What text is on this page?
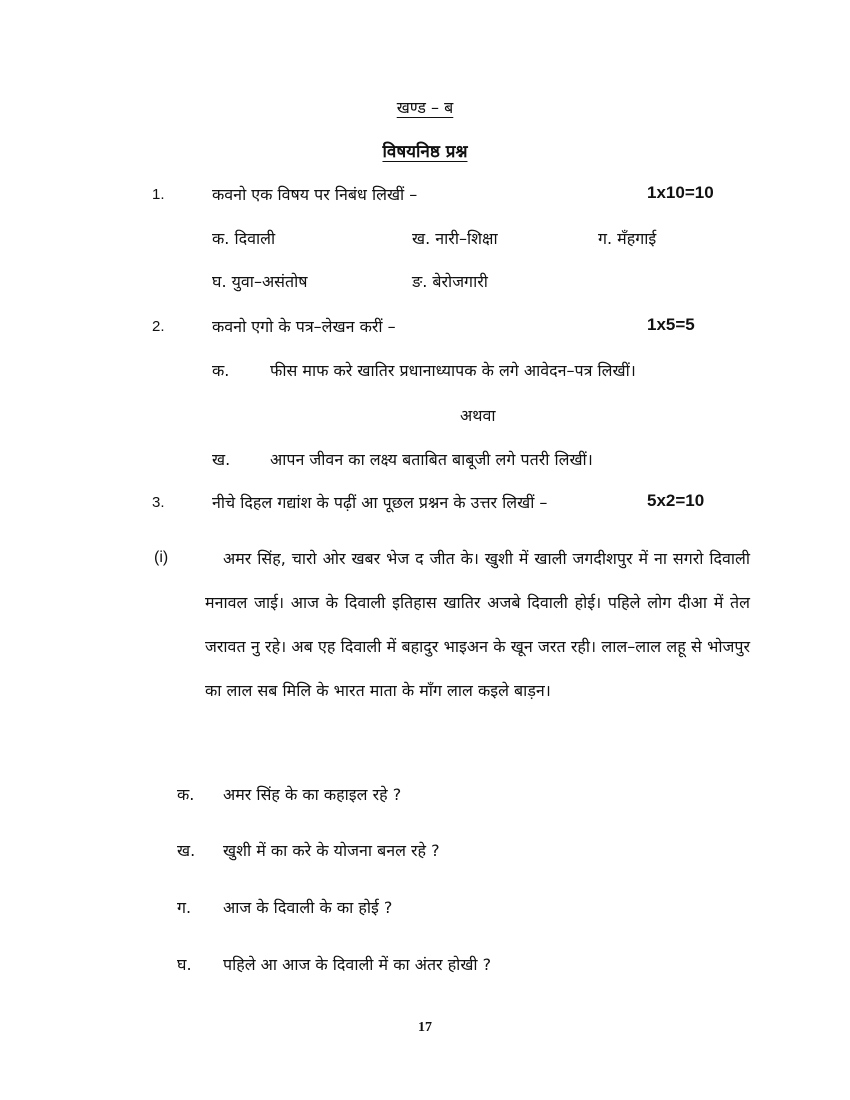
खण्ड – ब
विषयनिष्ठ प्रश्न
1.	कवनो एक विषय पर निबंध लिखीं –	1x10=10
क. दिवाली	ख. नारी–शिक्षा	ग. मँहगाई
घ. युवा–असंतोष	ङ. बेरोजगारी
2.	कवनो एगो के पत्र–लेखन करीं –	1x5=5
क.	फीस माफ करे खातिर प्रधानाध्यापक के लगे आवेदन–पत्र लिखीं।
अथवा
ख. आपन जीवन का लक्ष्य बताबित बाबूजी लगे पतरी लिखीं।
3.	नीचे दिहल गद्यांश के पढ़ीं आ पूछल प्रश्नन के उत्तर लिखीं –	5x2=10
(i)	अमर सिंह, चारो ओर खबर भेज द जीत के। खुशी में खाली जगदीशपुर में ना सगरो दिवाली मनावल जाई। आज के दिवाली इतिहास खातिर अजबे दिवाली होई। पहिले लोग दीआ में तेल जरावत नु रहे। अब एह दिवाली में बहादुर भाइअन के खून जरत रही। लाल–लाल लहू से भोजपुर का लाल सब मिलि के भारत माता के माँग लाल कइले बाड़न।
क. अमर सिंह के का कहाइल रहे ?
ख. खुशी में का करे के योजना बनल रहे ?
ग. आज के दिवाली के का होई ?
घ. पहिले आ आज के दिवाली में का अंतर होखी ?
17
